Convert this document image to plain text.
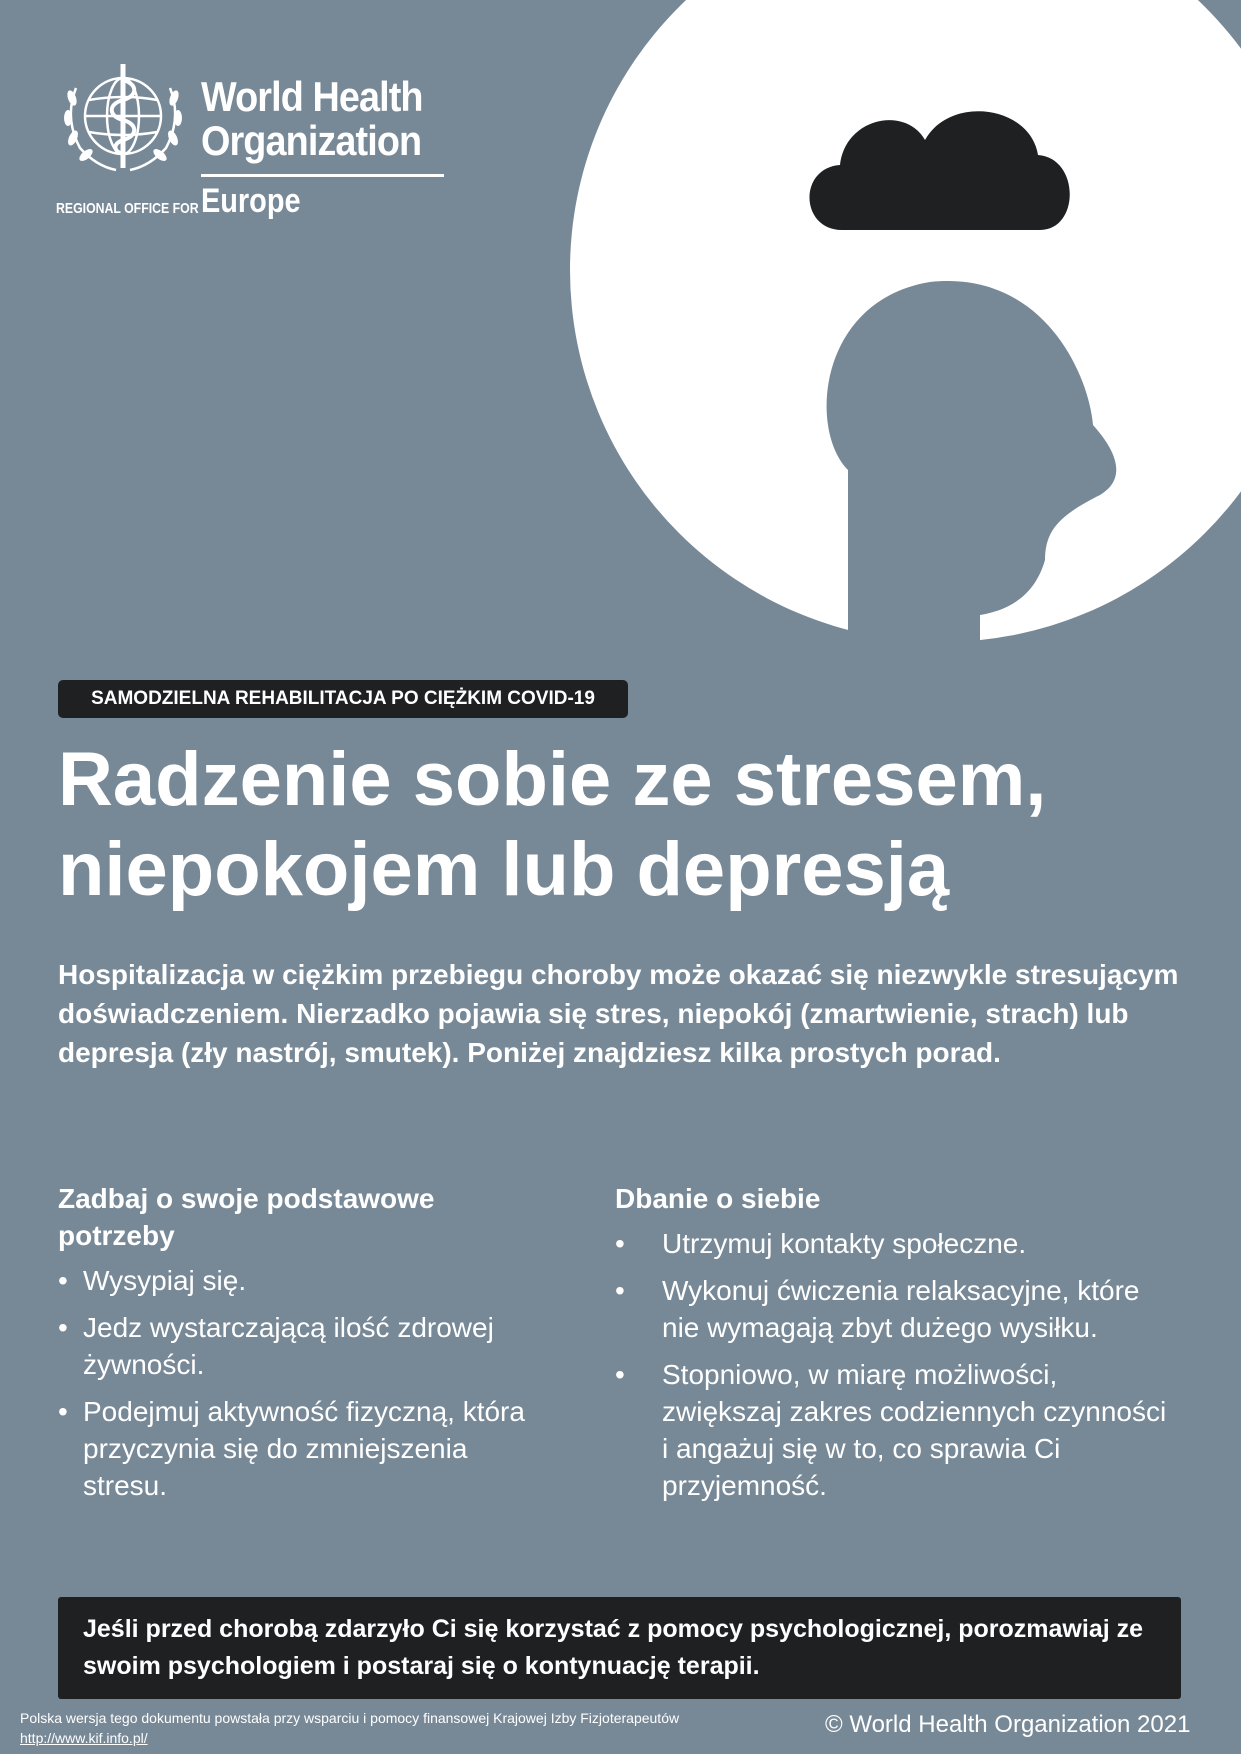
World Health
Organization
REGIONAL OFFICE FOR Europe
SAMODZIELNA REHABILITACJA PO CIĘŻKIM COVID-19
Radzenie sobie ze stresem,
niepokojem lub depresją

Hospitalizacja w ciężkim przebiegu choroby może okazać się niezwykle stresującym doświadczeniem. Nierzadko pojawia się stres, niepokój (zmartwienie, strach) lub depresja (zły nastrój, smutek). Poniżej znajdziesz kilka prostych porad.

Zadbaj o swoje podstawowe potrzeby
• Wysypiaj się.
• Jedz wystarczającą ilość zdrowej żywności.
• Podejmuj aktywność fizyczną, która przyczynia się do zmniejszenia stresu.
Dbanie o siebie
• Utrzymuj kontakty społeczne.
• Wykonuj ćwiczenia relaksacyjne, które nie wymagają zbyt dużego wysiłku.
• Stopniowo, w miarę możliwości, zwiększaj zakres codziennych czynności i angażuj się w to, co sprawia Ci przyjemność.

Jeśli przed chorobą zdarzyło Ci się korzystać z pomocy psychologicznej, porozmawiaj ze swoim psychologiem i postaraj się o kontynuację terapii.

Polska wersja tego dokumentu powstała przy wsparciu i pomocy finansowej Krajowej Izby Fizjoterapeutów
http://www.kif.info.pl/	© World Health Organization 2021
